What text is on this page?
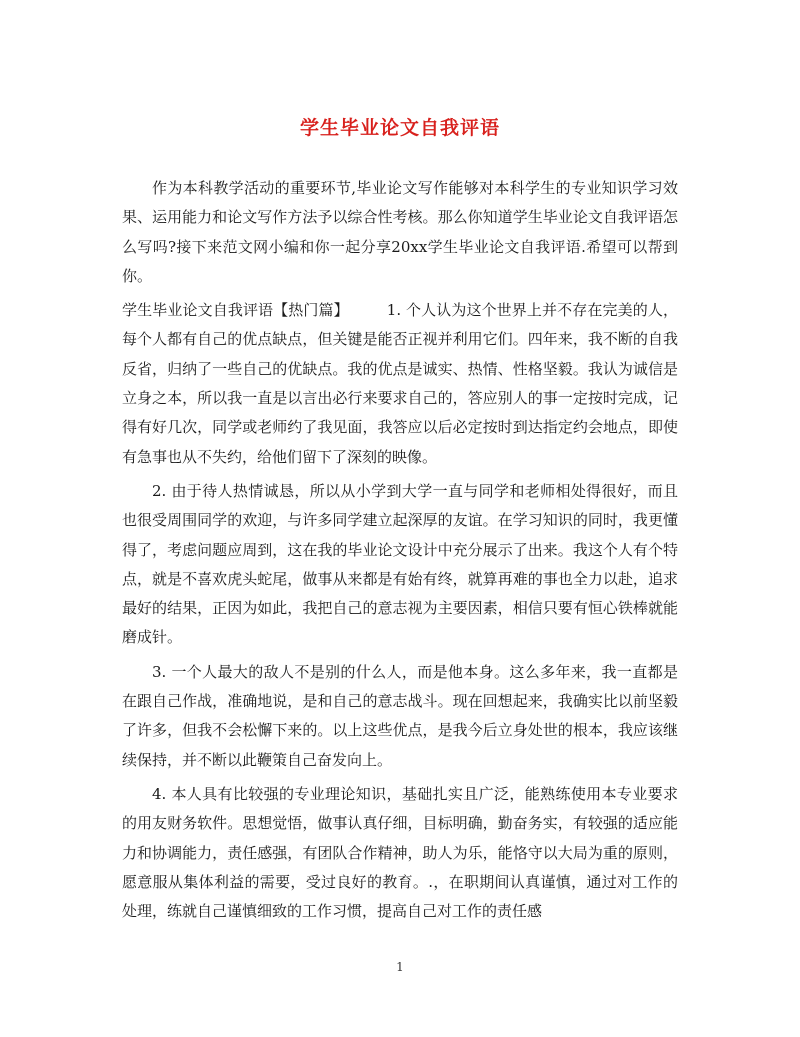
学生毕业论文自我评语

作为本科教学活动的重要环节,毕业论文写作能够对本科学生的专业知识学习效果、运用能力和论文写作方法予以综合性考核。那么你知道学生毕业论文自我评语怎么写吗?接下来范文网小编和你一起分享20xx学生毕业论文自我评语.希望可以帮到你。

学生毕业论文自我评语【热门篇】	1. 个人认为这个世界上并不存在完美的人，每个人都有自己的优点缺点，但关键是能否正视并利用它们。四年来，我不断的自我反省，归纳了一些自己的优缺点。我的优点是诚实、热情、性格坚毅。我认为诚信是立身之本，所以我一直是以言出必行来要求自己的，答应别人的事一定按时完成，记得有好几次，同学或老师约了我见面，我答应以后必定按时到达指定约会地点，即使有急事也从不失约，给他们留下了深刻的映像。

2. 由于待人热情诚恳，所以从小学到大学一直与同学和老师相处得很好，而且也很受周围同学的欢迎，与许多同学建立起深厚的友谊。在学习知识的同时，我更懂得了，考虑问题应周到，这在我的毕业论文设计中充分展示了出来。我这个人有个特点，就是不喜欢虎头蛇尾，做事从来都是有始有终，就算再难的事也全力以赴，追求最好的结果，正因为如此，我把自己的意志视为主要因素，相信只要有恒心铁棒就能磨成针。

3. 一个人最大的敌人不是别的什么人，而是他本身。这么多年来，我一直都是在跟自己作战，准确地说，是和自己的意志战斗。现在回想起来，我确实比以前坚毅了许多，但我不会松懈下来的。以上这些优点，是我今后立身处世的根本，我应该继续保持，并不断以此鞭策自己奋发向上。

4. 本人具有比较强的专业理论知识，基础扎实且广泛，能熟练使用本专业要求的用友财务软件。思想觉悟，做事认真仔细，目标明确，勤奋务实，有较强的适应能力和协调能力，责任感强，有团队合作精神，助人为乐，能恪守以大局为重的原则，愿意服从集体利益的需要，受过良好的教育。.，在职期间认真谨慎，通过对工作的处理，练就自己谨慎细致的工作习惯，提高自己对工作的责任感

1
